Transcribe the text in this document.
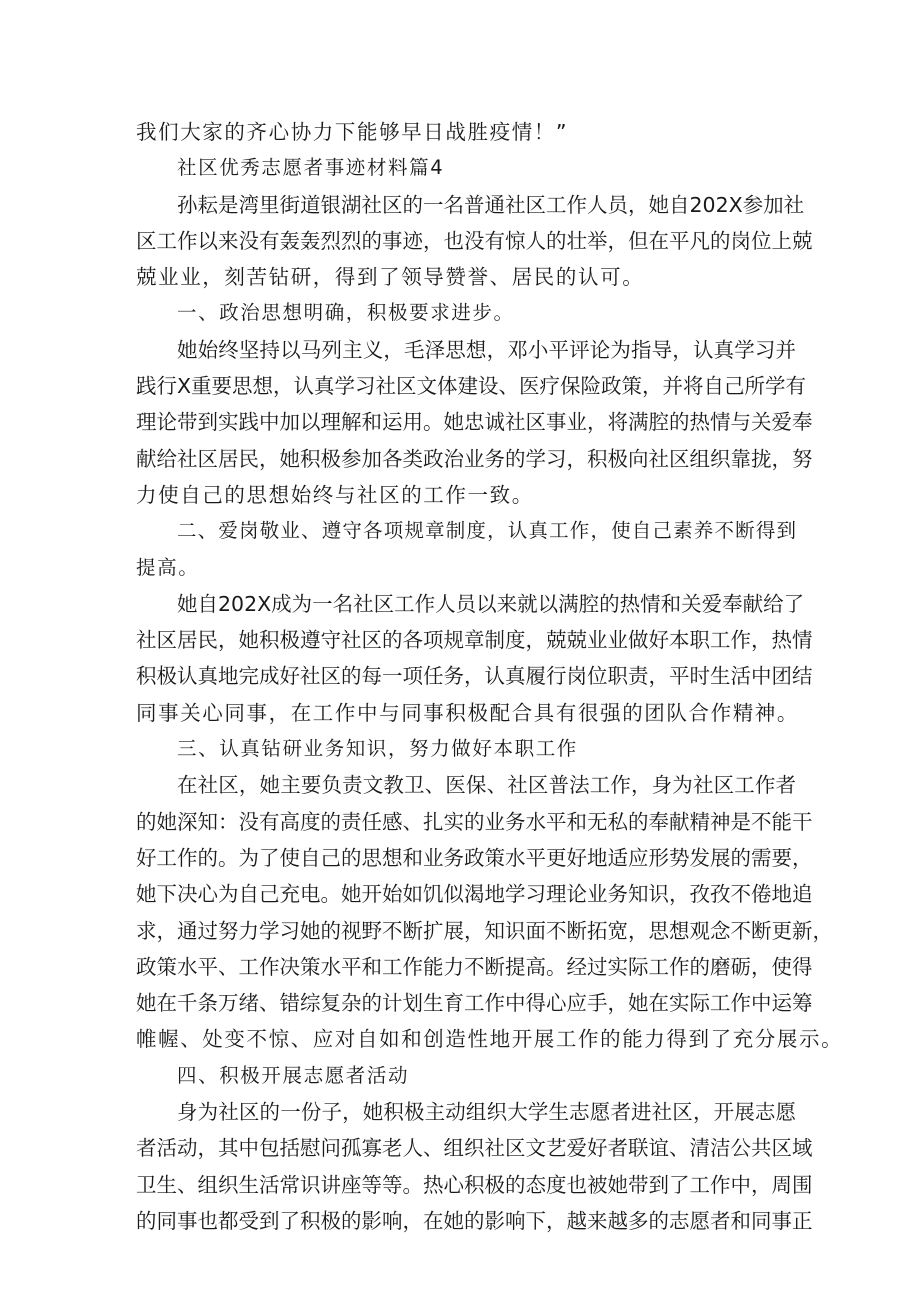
我们大家的齐心协力下能够早日战胜疫情！”
社区优秀志愿者事迹材料篇4
孙耘是湾里街道银湖社区的一名普通社区工作人员，她自202X参加社
区工作以来没有轰轰烈烈的事迹，也没有惊人的壮举，但在平凡的岗位上兢
兢业业，刻苦钻研，得到了领导赞誉、居民的认可。
一、政治思想明确，积极要求进步。
她始终坚持以马列主义，毛泽思想，邓小平评论为指导，认真学习并
践行X重要思想，认真学习社区文体建设、医疗保险政策，并将自己所学有
理论带到实践中加以理解和运用。她忠诚社区事业，将满腔的热情与关爱奉
献给社区居民，她积极参加各类政治业务的学习，积极向社区组织靠拢，努
力使自己的思想始终与社区的工作一致。
二、爱岗敬业、遵守各项规章制度，认真工作，使自己素养不断得到
提高。
她自202X成为一名社区工作人员以来就以满腔的热情和关爱奉献给了
社区居民，她积极遵守社区的各项规章制度，兢兢业业做好本职工作，热情
积极认真地完成好社区的每一项任务，认真履行岗位职责，平时生活中团结
同事关心同事，在工作中与同事积极配合具有很强的团队合作精神。
三、认真钻研业务知识，努力做好本职工作
在社区，她主要负责文教卫、医保、社区普法工作，身为社区工作者
的她深知：没有高度的责任感、扎实的业务水平和无私的奉献精神是不能干
好工作的。为了使自己的思想和业务政策水平更好地适应形势发展的需要，
她下决心为自己充电。她开始如饥似渴地学习理论业务知识，孜孜不倦地追
求，通过努力学习她的视野不断扩展，知识面不断拓宽，思想观念不断更新，
政策水平、工作决策水平和工作能力不断提高。经过实际工作的磨砺，使得
她在千条万绪、错综复杂的计划生育工作中得心应手，她在实际工作中运筹
帷幄、处变不惊、应对自如和创造性地开展工作的能力得到了充分展示。
四、积极开展志愿者活动
身为社区的一份子，她积极主动组织大学生志愿者进社区，开展志愿
者活动，其中包括慰问孤寡老人、组织社区文艺爱好者联谊、清洁公共区域
卫生、组织生活常识讲座等等。热心积极的态度也被她带到了工作中，周围
的同事也都受到了积极的影响，在她的影响下，越来越多的志愿者和同事正
